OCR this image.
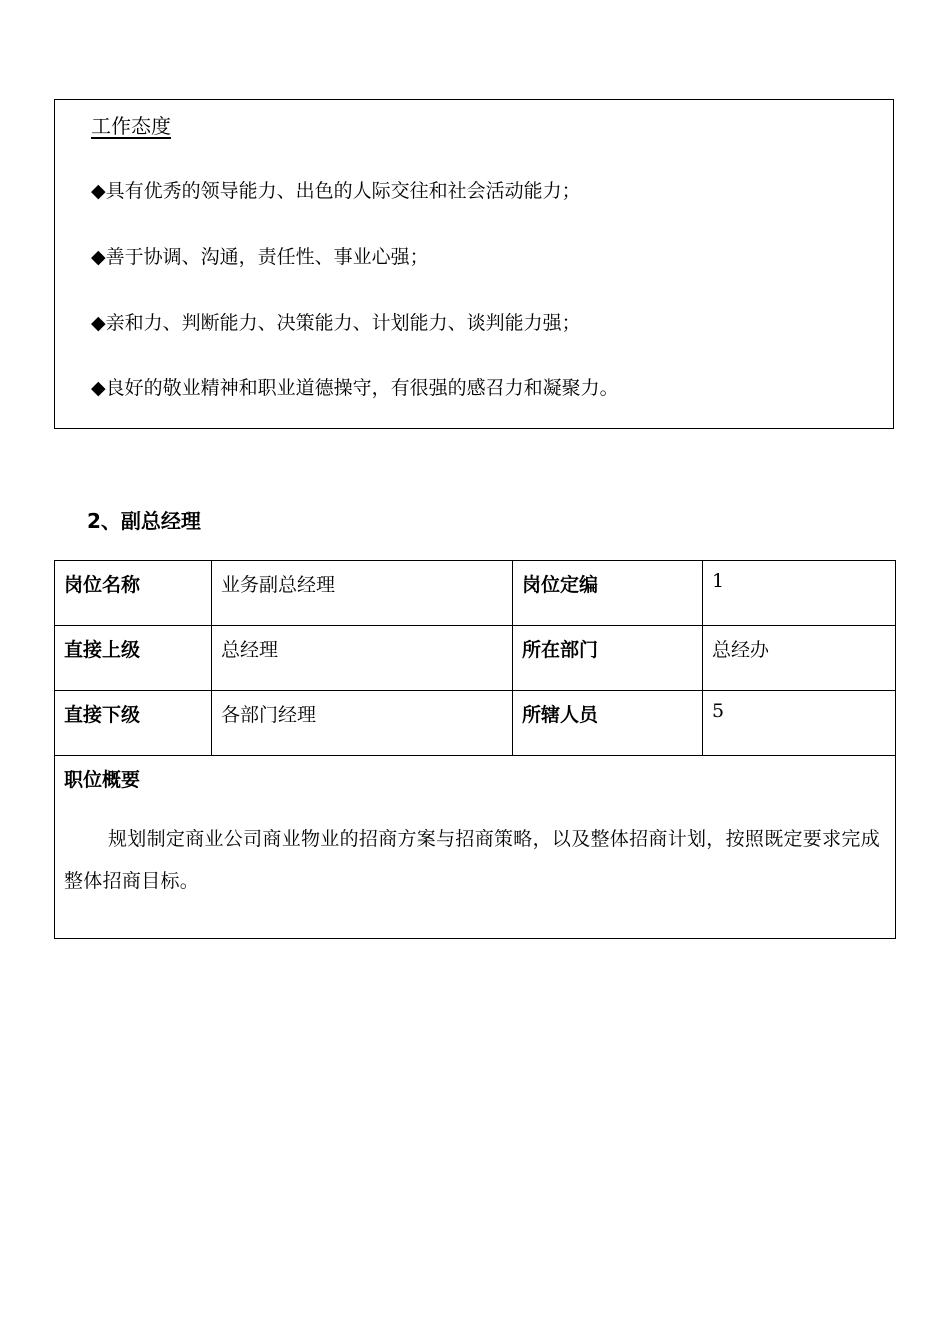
工作态度
◆具有优秀的领导能力、出色的人际交往和社会活动能力；
◆善于协调、沟通，责任性、事业心强；
◆亲和力、判断能力、决策能力、计划能力、谈判能力强；
◆良好的敬业精神和职业道德操守，有很强的感召力和凝聚力。
2、副总经理
岗位名称	业务副总经理	岗位定编	1
直接上级	总经理	所在部门	总经办
直接下级	各部门经理	所辖人员	5

职位概要
规划制定商业公司商业物业的招商方案与招商策略，以及整体招商计划，按照既定要求完成整体招商目标。			
